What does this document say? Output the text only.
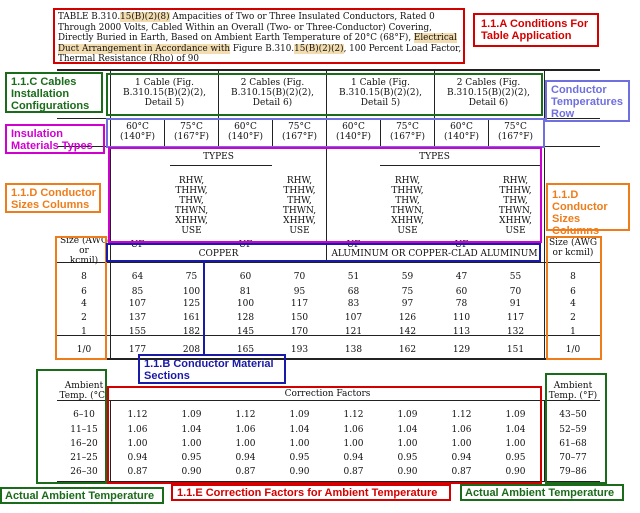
TABLE B.310.15(B)(2)(8) Ampacities of Two or Three Insulated Conductors, Rated 0 Through 2000 Volts, Cabled Within an Overall (Two- or Three-Conductor) Covering, Directly Buried in Earth, Based on Ambient Earth Temperature of 20°C (68°F), Electrical Duct Arrangement in Accordance with Figure B.310.15(B)(2)(2), 100 Percent Load Factor, Thermal Resistance (Rho) of 90
1 Cable (Fig.
B.310.15(B)(2)(2),
Detail 5)
2 Cables (Fig.
B.310.15(B)(2)(2),
Detail 6)
1 Cable (Fig.
B.310.15(B)(2)(2),
Detail 5)
2 Cables (Fig.
B.310.15(B)(2)(2),
Detail 6)
60°C
(140°F)
75°C
(167°F)
60°C
(140°F)
75°C
(167°F)
60°C
(140°F)
75°C
(167°F)
60°C
(140°F)
75°C
(167°F)
TYPES	TYPES
UF
RHW,
THHW,
THW,
THWN,
XHHW,
USE
UF
RHW,
THHW,
THW,
THWN,
XHHW,
USE
UF
RHW,
THHW,
THW,
THWN,
XHHW,
USE
UF
RHW,
THHW,
THW,
THWN,
XHHW,
USE
Size (AWG
or
kcmil)
Size (AWG
or kcmil)
COPPER	ALUMINUM OR COPPER-CLAD ALUMINUM
8	64	75	60	70	51	59	47	55	8
6	85	100	81	95	68	75	60	70	6
4	107	125	100	117	83	97	78	91	4
2	137	161	128	150	107	126	110	117	2
1	155	182	145	170	121	142	113	132	1
1/0	177	208	165	193	138	162	129	151	1/0
Ambient
Temp. (°C)
Ambient
Temp. (°F)
Correction Factors
6–10	1.12	1.09	1.12	1.09	1.12	1.09	1.12	1.09	43–50
11–15	1.06	1.04	1.06	1.04	1.06	1.04	1.06	1.04	52–59
16–20	1.00	1.00	1.00	1.00	1.00	1.00	1.00	1.00	61–68
21–25	0.94	0.95	0.94	0.95	0.94	0.95	0.94	0.95	70–77
26–30	0.87	0.90	0.87	0.90	0.87	0.90	0.87	0.90	79–86
1.1.A Conditions For
Table Application
1.1.C Cables
Installation
Configurations
Conductor
Temperatures
Row
Insulation
Materials Types
1.1.D Conductor
Sizes Columns
1.1.D
Conductor
Sizes Columns
1.1.B Conductor Material
Sections
1.1.E Correction Factors for Ambient Temperature
Actual Ambient Temperature	Actual Ambient Temperature
